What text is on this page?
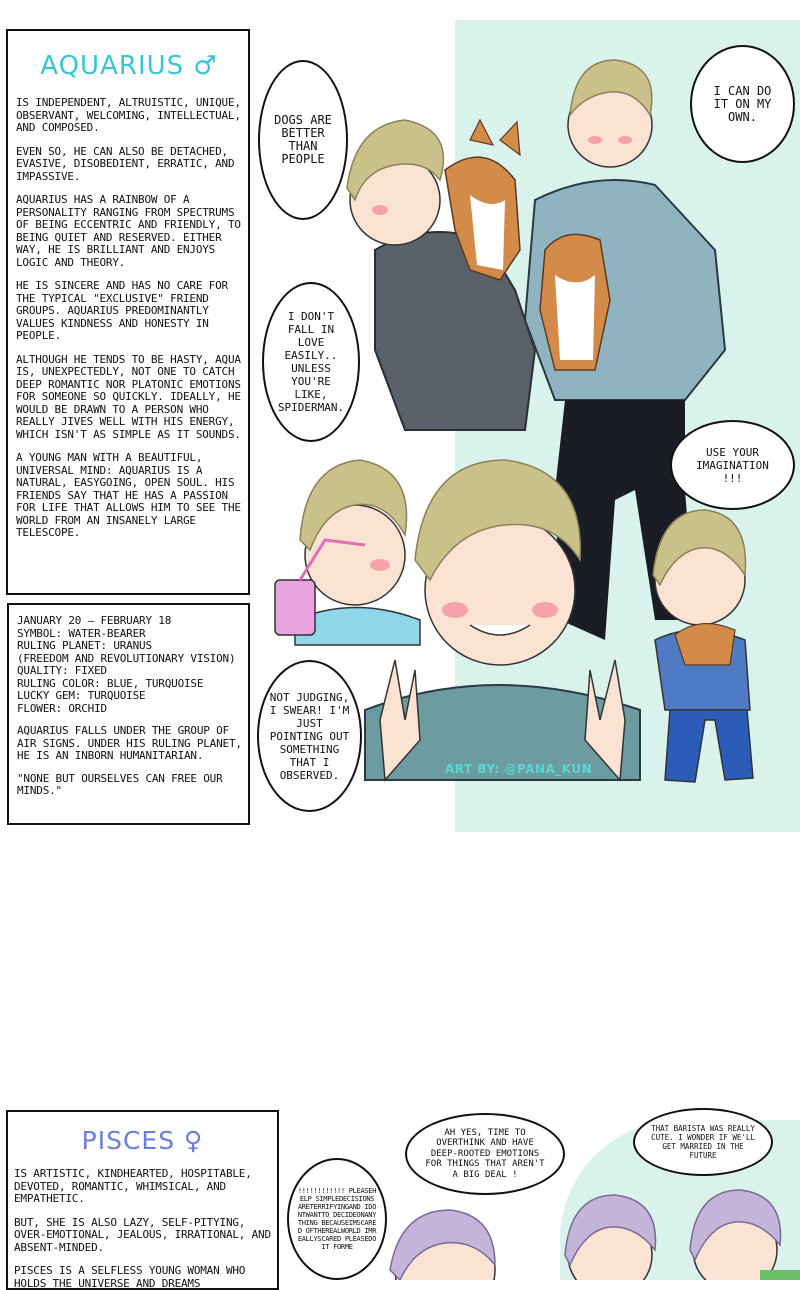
AQUARIUS ♂

IS INDEPENDENT, ALTRUISTIC, UNIQUE, OBSERVANT, WELCOMING, INTELLECTUAL, AND COMPOSED.

EVEN SO, HE CAN ALSO BE DETACHED, EVASIVE, DISOBEDIENT, ERRATIC, AND IMPASSIVE.

AQUARIUS HAS A RAINBOW OF A PERSONALITY RANGING FROM SPECTRUMS OF BEING ECCENTRIC AND FRIENDLY, TO BEING QUIET AND RESERVED. EITHER WAY, HE IS BRILLIANT AND ENJOYS LOGIC AND THEORY.

HE IS SINCERE AND HAS NO CARE FOR THE TYPICAL "EXCLUSIVE" FRIEND GROUPS. AQUARIUS PREDOMINANTLY VALUES KINDNESS AND HONESTY IN PEOPLE.

ALTHOUGH HE TENDS TO BE HASTY, AQUA IS, UNEXPECTEDLY, NOT ONE TO CATCH DEEP ROMANTIC NOR PLATONIC EMOTIONS FOR SOMEONE SO QUICKLY. IDEALLY, HE WOULD BE DRAWN TO A PERSON WHO REALLY JIVES WELL WITH HIS ENERGY, WHICH ISN'T AS SIMPLE AS IT SOUNDS.

A YOUNG MAN WITH A BEAUTIFUL, UNIVERSAL MIND: AQUARIUS IS A NATURAL, EASYGOING, OPEN SOUL. HIS FRIENDS SAY THAT HE HAS A PASSION FOR LIFE THAT ALLOWS HIM TO SEE THE WORLD FROM AN INSANELY LARGE TELESCOPE.

JANUARY 20 – FEBRUARY 18
SYMBOL: WATER-BEARER
RULING PLANET: URANUS
(FREEDOM AND REVOLUTIONARY VISION)
QUALITY: FIXED
RULING COLOR: BLUE, TURQUOISE
LUCKY GEM: TURQUOISE
FLOWER: ORCHID

AQUARIUS FALLS UNDER THE GROUP OF AIR SIGNS. UNDER HIS RULING PLANET, HE IS AN INBORN HUMANITARIAN.

"NONE BUT OURSELVES CAN FREE OUR MINDS."

DOGS ARE BETTER THAN PEOPLE
I CAN DO IT ON MY OWN.
I DON'T FALL IN LOVE EASILY.. UNLESS YOU'RE LIKE, SPIDERMAN.
USE YOUR IMAGINATION !!!
NOT JUDGING, I SWEAR! I'M JUST POINTING OUT SOMETHING THAT I OBSERVED.	ART BY: @PANA_KUN
PISCES ♀

IS ARTISTIC, KINDHEARTED, HOSPITABLE, DEVOTED, ROMANTIC, WHIMSICAL, AND EMPATHETIC.

BUT, SHE IS ALSO LAZY, SELF-PITYING, OVER-EMOTIONAL, JEALOUS, IRRATIONAL, AND ABSENT-MINDED.

PISCES IS A SELFLESS YOUNG WOMAN WHO HOLDS THE UNIVERSE AND DREAMS

!!!!!!!!!!!! PLEASEHELP SIMPLEDECISIONS ARETERRIFYINGAND IDONTWANTTO DECIDEONANYTHING BECAUSEIMSCARED OFTHEREALWORLD IMREALLYSCARED PLEASEDOIT FORME
AH YES, TIME TO OVERTHINK AND HAVE DEEP-ROOTED EMOTIONS FOR THINGS THAT AREN'T A BIG DEAL !
THAT BARISTA WAS REALLY CUTE. I WONDER IF WE'LL GET MARRIED IN THE FUTURE
